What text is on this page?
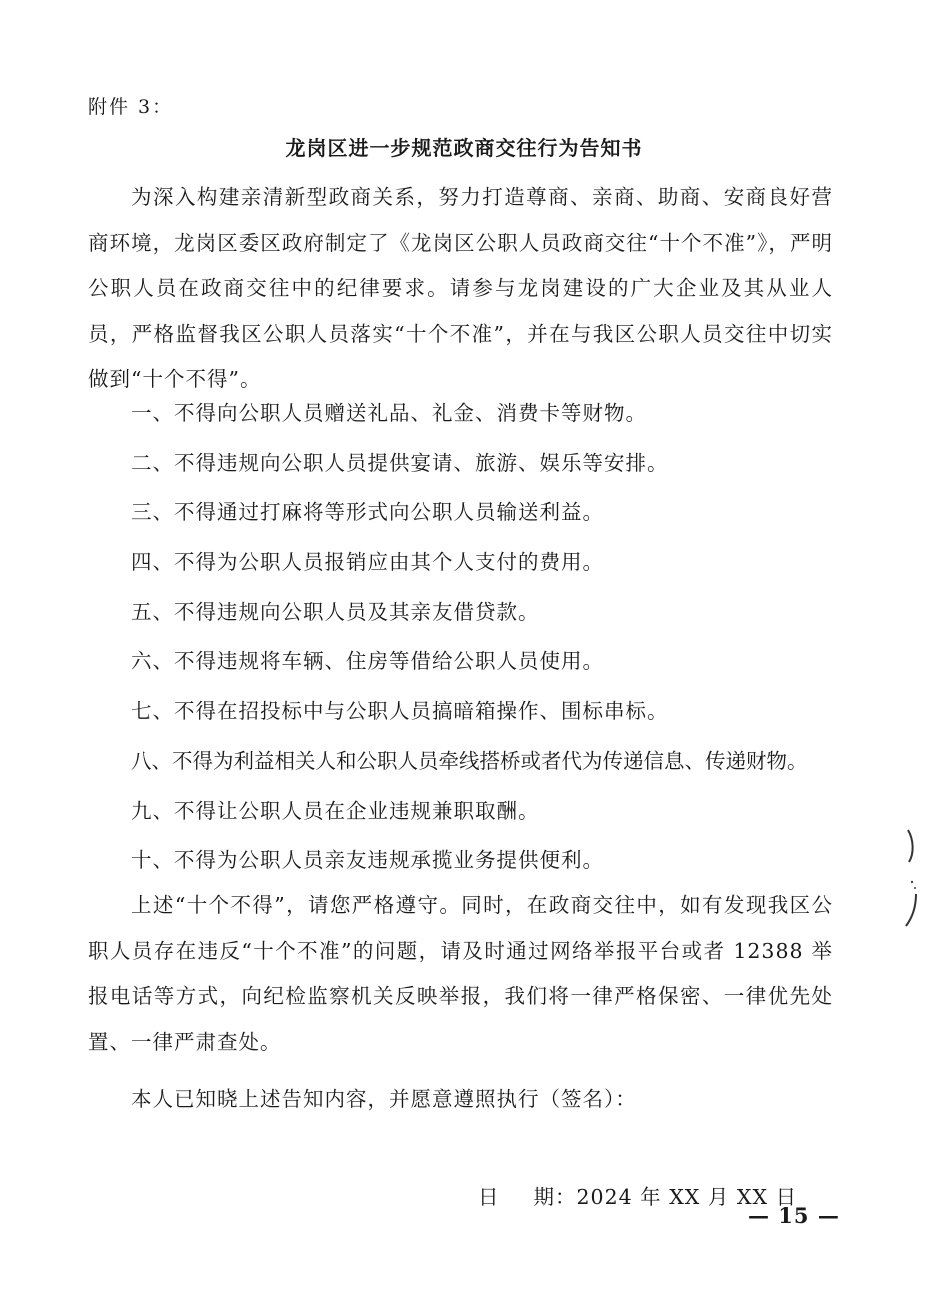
附件 3：
龙岗区进一步规范政商交往行为告知书

为深入构建亲清新型政商关系，努力打造尊商、亲商、助商、安商良好营商环境，龙岗区委区政府制定了《龙岗区公职人员政商交往“十个不准”》，严明公职人员在政商交往中的纪律要求。请参与龙岗建设的广大企业及其从业人员，严格监督我区公职人员落实“十个不准”，并在与我区公职人员交往中切实做到“十个不得”。

一、不得向公职人员赠送礼品、礼金、消费卡等财物。
二、不得违规向公职人员提供宴请、旅游、娱乐等安排。
三、不得通过打麻将等形式向公职人员输送利益。
四、不得为公职人员报销应由其个人支付的费用。
五、不得违规向公职人员及其亲友借贷款。
六、不得违规将车辆、住房等借给公职人员使用。
七、不得在招投标中与公职人员搞暗箱操作、围标串标。
八、不得为利益相关人和公职人员牵线搭桥或者代为传递信息、传递财物。
九、不得让公职人员在企业违规兼职取酬。
十、不得为公职人员亲友违规承揽业务提供便利。

上述“十个不得”，请您严格遵守。同时，在政商交往中，如有发现我区公职人员存在违反“十个不准”的问题，请及时通过网络举报平台或者 12388 举报电话等方式，向纪检监察机关反映举报，我们将一律严格保密、一律优先处置、一律严肃查处。

本人已知晓上述告知内容，并愿意遵照执行（签名）：
日 期：2024 年 XX 月 XX 日
— 15 —
